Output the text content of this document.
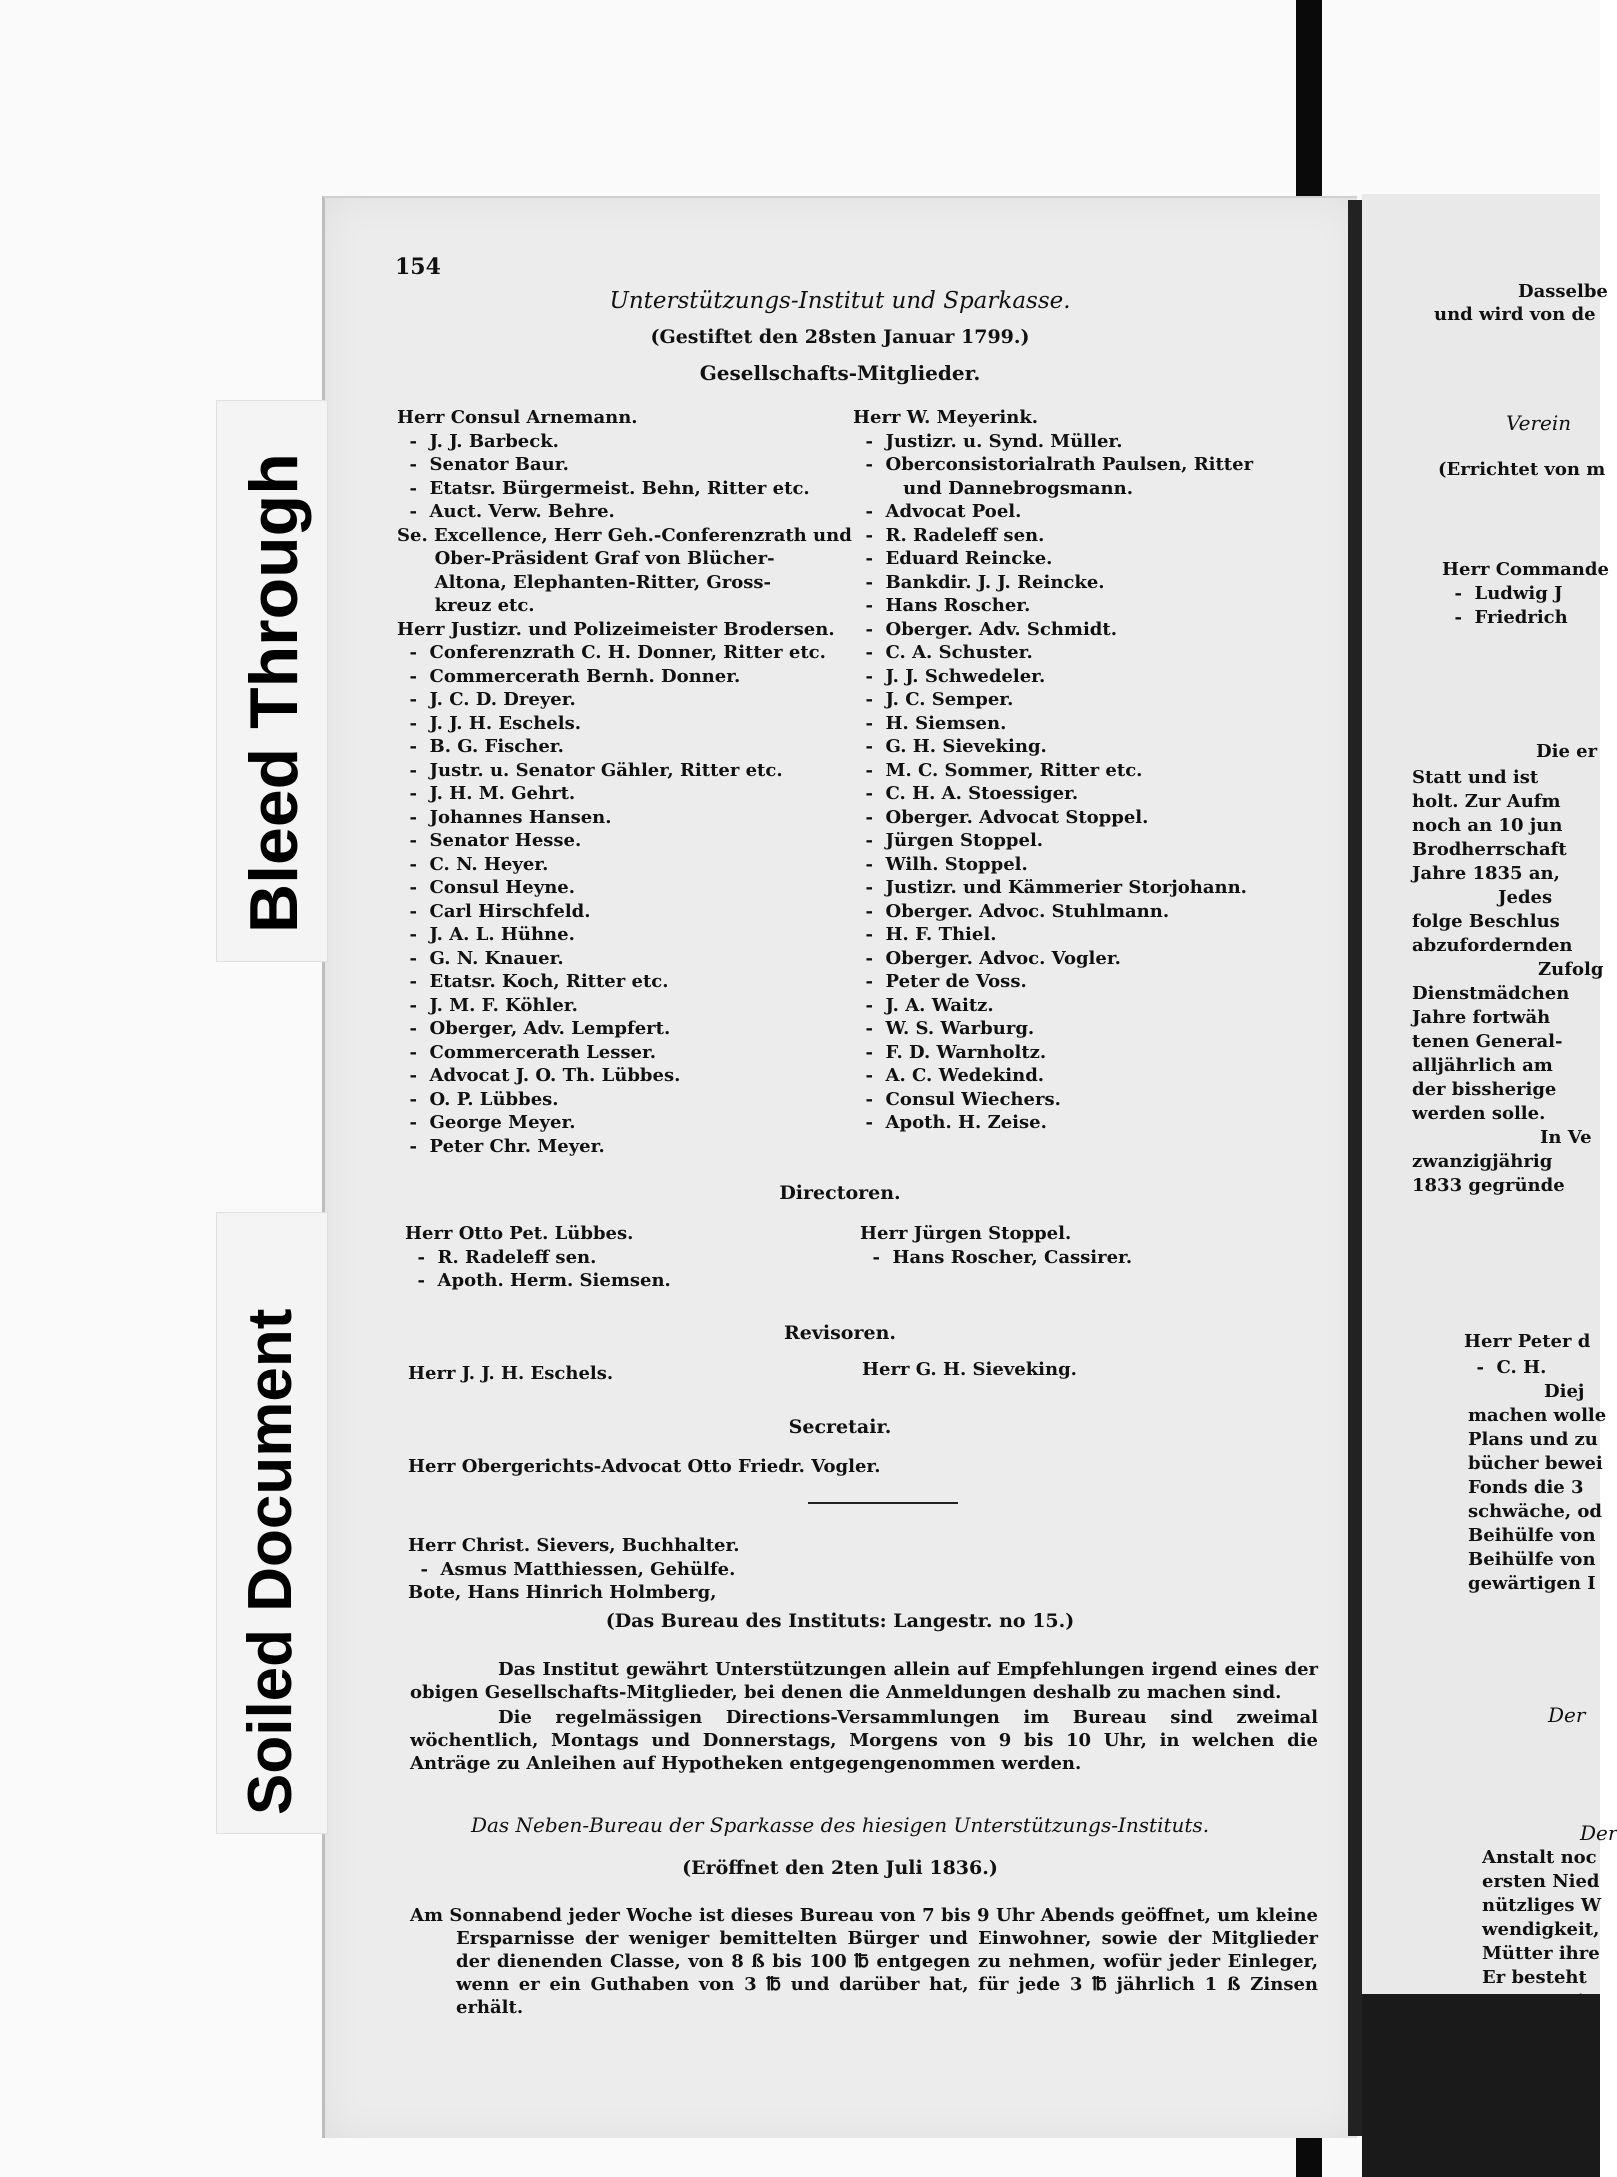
Dasselbe
und wird von de
Verein
(Errichtet von m
Herr Commande
-  Ludwig J
-  Friedrich
Die er
Statt und ist
holt. Zur Aufm
noch an 10 jun
Brodherrschaft
Jahre 1835 an,
Jedes
folge Beschlus
abzufordernden
Zufolg
Dienstmädchen
Jahre fortwäh
tenen General-
alljährlich am
der bissherige
werden solle.
In Ve
zwanzigjährig
1833 gegründe
Herr Peter d
-  C. H.
Diej
machen wolle
Plans und zu
bücher bewei
Fonds die 3
schwäche, od
Beihülfe von
Beihülfe von
gewärtigen I
Der
Der
Anstalt noc
ersten Nied
nützliges W
wendigkeit,
Mütter ihre
Er besteht
Bleed Through
Soiled Document
154
Unterstützungs-Institut und Sparkasse.
(Gestiftet den 28sten Januar 1799.)
Gesellschafts-Mitglieder.
Herr Consul Arnemann.
-  J. J. Barbeck.
-  Senator Baur.
-  Etatsr. Bürgermeist. Behn, Ritter etc.
-  Auct. Verw. Behre.
Se. Excellence, Herr Geh.-Conferenzrath und
Ober-Präsident Graf von Blücher-
Altona, Elephanten-Ritter, Gross-
kreuz etc.
Herr Justizr. und Polizeimeister Brodersen.
-  Conferenzrath C. H. Donner, Ritter etc.
-  Commercerath Bernh. Donner.
-  J. C. D. Dreyer.
-  J. J. H. Eschels.
-  B. G. Fischer.
-  Justr. u. Senator Gähler, Ritter etc.
-  J. H. M. Gehrt.
-  Johannes Hansen.
-  Senator Hesse.
-  C. N. Heyer.
-  Consul Heyne.
-  Carl Hirschfeld.
-  J. A. L. Hühne.
-  G. N. Knauer.
-  Etatsr. Koch, Ritter etc.
-  J. M. F. Köhler.
-  Oberger, Adv. Lempfert.
-  Commercerath Lesser.
-  Advocat J. O. Th. Lübbes.
-  O. P. Lübbes.
-  George Meyer.
-  Peter Chr. Meyer.
Herr W. Meyerink.
-  Justizr. u. Synd. Müller.
-  Oberconsistorialrath Paulsen, Ritter
und Dannebrogsmann.
-  Advocat Poel.
-  R. Radeleff sen.
-  Eduard Reincke.
-  Bankdir. J. J. Reincke.
-  Hans Roscher.
-  Oberger. Adv. Schmidt.
-  C. A. Schuster.
-  J. J. Schwedeler.
-  J. C. Semper.
-  H. Siemsen.
-  G. H. Sieveking.
-  M. C. Sommer, Ritter etc.
-  C. H. A. Stoessiger.
-  Oberger. Advocat Stoppel.
-  Jürgen Stoppel.
-  Wilh. Stoppel.
-  Justizr. und Kämmerier Storjohann.
-  Oberger. Advoc. Stuhlmann.
-  H. F. Thiel.
-  Oberger. Advoc. Vogler.
-  Peter de Voss.
-  J. A. Waitz.
-  W. S. Warburg.
-  F. D. Warnholtz.
-  A. C. Wedekind.
-  Consul Wiechers.
-  Apoth. H. Zeise.
Directoren.
Herr Otto Pet. Lübbes.
-  R. Radeleff sen.
-  Apoth. Herm. Siemsen.
Herr Jürgen Stoppel.
-  Hans Roscher, Cassirer.
Revisoren.
Herr J. J. H. Eschels.	Herr G. H. Sieveking.
Secretair.
Herr Obergerichts-Advocat Otto Friedr. Vogler.
Herr Christ. Sievers, Buchhalter.
-  Asmus Matthiessen, Gehülfe.
Bote, Hans Hinrich Holmberg,
(Das Bureau des Instituts: Langestr. no 15.)
Das Institut gewährt Unterstützungen allein auf Empfehlungen irgend eines der obigen Gesellschafts-Mitglieder, bei denen die Anmeldungen deshalb zu machen sind.
Die regelmässigen Directions-Versammlungen im Bureau sind zweimal wöchentlich, Montags und Donnerstags, Morgens von 9 bis 10 Uhr, in welchen die Anträge zu Anleihen auf Hypotheken entgegengenommen werden.
Das Neben-Bureau der Sparkasse des hiesigen Unterstützungs-Instituts.
(Eröffnet den 2ten Juli 1836.)
Am Sonnabend jeder Woche ist dieses Bureau von 7 bis 9 Uhr Abends geöffnet, um kleine Ersparnisse der weniger bemittelten Bürger und Einwohner, sowie der Mitglieder der dienenden Classe, von 8 ß bis 100 ℔ entgegen zu nehmen, wofür jeder Einleger, wenn er ein Guthaben von 3 ℔ und darüber hat, für jede 3 ℔ jährlich 1 ß Zinsen erhält.
